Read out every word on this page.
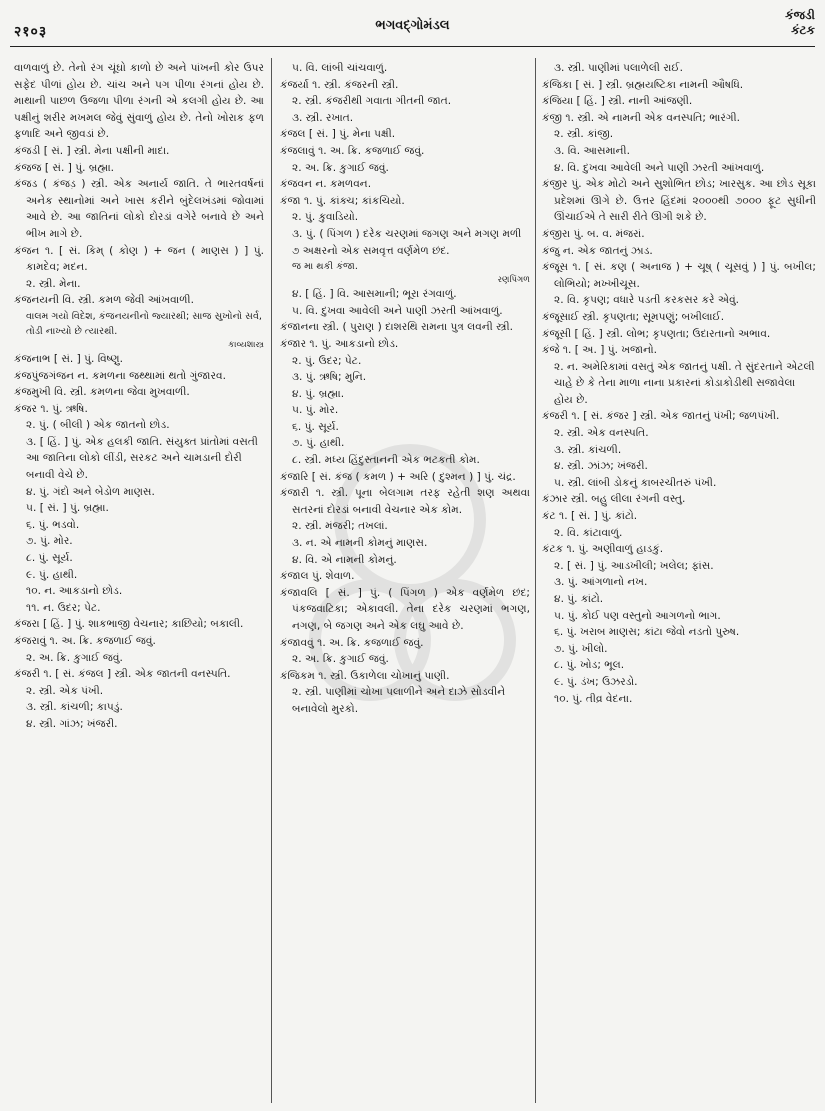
२१०३	ભગવદ્ગોમંડલ
કંજડી
કંટક

વાળવાળું છે. તેનો રંગ ચૂંઘો કાળો છે અને પાંખની કોર ઉપર સફેદ પીળાં હોય છે. ચાંચ અને પગ પીળા રંગનાં હોય છે. માથાની પાછળ ઉજળા પીળા રંગની એ કલગી હોય છે. આ પક્ષીનું શરીર મખમલ જેવું સુંવાળું હોય છે. તેનો ખોરાક ફળ ફળાદિ અને જીવડાં છે.

કંજડી [ સં. ] સ્ત્રી. મેના પક્ષીની માદા.

કંજજ [ સં. ] પું. બ્રહ્મા.

કંજડ ( કંજડ઼ ) સ્ત્રી. એક અનાર્ય જાતિ. તે ભારતવર્ષનાં અનેક સ્થાનોમાં અને ખાસ કરીને બુંદેલખંડમાં જોવામાં આવે છે. આ જાતિનાં લોકો દોરડાં વગેરે બનાવે છે અને ભીખ માગે છે.

કંજન ૧. [ સં. કિમ્ ( કોણ ) + જન ( માણસ ) ] પું. કામદેવ; મદન.

૨. સ્ત્રી. મેના.

કંજનયની વિ. સ્ત્રી. કમળ જેવી આંખવાળી.

વાલમ ગયો વિદેશ, કંજનયનીનો જ્યારથી; સાજ સુખોનો સર્વ, તોડી નાખ્યો છે ત્યારથી.

કાવ્યશાસ્ત્ર

કંજનાભ [ સં. ] પું. વિષ્ણુ.

કંજપુંજગંજન ન. કમળના જથ્થામાં થતો ગુંજારવ.

કંજમુખી વિ. સ્ત્રી. કમળના જેવા મુખવાળી.

કંજર ૧. પું. ઋષિ.

૨. પું. ( બીલી ) એક જાતનો છોડ.

૩. [ હિં. ] પું. એક હલકી જાતિ. સંયુક્ત પ્રાંતોમાં વસતી આ જાતિના લોકો લીંડી, સરકટ અને ચામડાની દોરી બનાવી વેચે છે.

૪. પું. ગંદો અને બેડોળ માણસ.

૫. [ સં. ] પું. બ્રહ્મા.

૬. પું. ભડવો.

૭. પું. મોર.

૮. પું. સૂર્ય.

૯. પું. હાથી.

૧૦. ન. આકડાનો છોડ.

૧૧. ન. ઉદર; પેટ.

કંજરા [ હિં. ] પું. શાકભાજી વેચનાર; કાછિયો; બકાલી.

કંજરાવું ૧. અ. ક્રિ. કજળાઈ જવું.

૨. અ. ક્રિ. કુગાઈ જવું.

કંજરી ૧. [ સં. કંજલ ] સ્ત્રી. એક જાતની વનસ્પતિ.

૨. સ્ત્રી. એક પંખી.

૩. સ્ત્રી. કાંચળી; કાપડું.

૪. સ્ત્રી. ગાંઝ; ખંજરી.

૫. વિ. લાંબી ચાંચવાળું.

કંજર્યા ૧. સ્ત્રી. કંજરની સ્ત્રી.

૨. સ્ત્રી. કંજરીથી ગવાતા ગીતની જાત.

૩. સ્ત્રી. રખાત.

કંજલ [ સં. ] પું. મેના પક્ષી.

કંજલાવું ૧. અ. ક્રિ. કજળાઈ જવું.

૨. અ. ક્રિ. કુગાઈ જવું.

કંજવન ન. કમળવન.

કંજા ૧. પું. કાંક્ચ; કાંકચિયો.

૨. પું. કુવાડિયો.

૩. પું. ( પિંગળ ) દરેક ચરણમાં જગણ અને મગણ મળી ૭ અક્ષરનો એક સમવૃત્ત વર્ણમેળ છંદ.

જ મા થકી કંજા.

રણપિંગળ

૪. [ હિં. ] વિ. આસમાની; ભૂરા રંગવાળું.

૫. વિ. દુખવા આવેલી અને પાણી ઝરતી આંખવાળું.

કંજાનના સ્ત્રી. ( પુરાણ ) દાશરથિ રામના પુત્ર લવની સ્ત્રી.

કંજાર ૧. પું. આકડાનો છોડ.

૨. પું. ઉદર; પેટ.

૩. પું. ઋષિ; મુનિ.

૪. પું. બ્રહ્મા.

૫. પું. મોર.

૬. પું. સૂર્ય.

૭. પું. હાથી.

૮. સ્ત્રી. મધ્ય હિંદુસ્તાનની એક ભટકતી કોમ.

કંજારિ [ સં. કંજ ( કમળ ) + અરિ ( દુશ્મન ) ] પું. ચંદ્ર.

કંજારી ૧. સ્ત્રી. પૂના બેલગામ તરફ રહેતી શણ અથવા સતરનાં દોરડાં બનાવી વેચનાર એક કોમ.

૨. સ્ત્રી. મંજરી; તખલાં.

૩. ન. એ નામની કોમનું માણસ.

૪. વિ. એ નામની કોમનું.

કંજાલ પું. શેવાળ.

કંજાવલિ [ સં. ] પું. ( પિંગળ ) એક વર્ણમેળ છંદ; પંકજવાટિકા; એકાવલી. તેના દરેક ચરણમાં ભગણ, નગણ, બે જગણ અને એક લઘુ આવે છે.

કંજાવવું ૧. અ. ક્રિ. કજળાઈ જવું.

૨. અ. ક્રિ. કુગાઈ જવું.

કંજિકમ ૧. સ્ત્રી. ઉકાળેલા ચોખાનું પાણી.

૨. સ્ત્રી. પાણીમાં ચોખા પલાળીને અને દાઝે સોડવીને બનાવેલો મુરકો.

૩. સ્ત્રી. પાણીમાં પલાળેલી રાઈ.

કંજિકા [ સં. ] સ્ત્રી. બ્રહ્મયષ્ટિકા નામની ઔષધિ.

કંજિયા [ હિં. ] સ્ત્રી. નાની આંજણી.

કંજી ૧. સ્ત્રી. એ નામની એક વનસ્પતિ; ભારંગી.

૨. સ્ત્રી. કાંજી.

૩. વિ. આસમાની.

૪. વિ. દુખવા આવેલી અને પાણી ઝરતી આંખવાળું.

કંજીર પું. એક મોટો અને સુશોભિત છોડ; ખારસુક. આ છોડ સૂકા પ્રદેશમાં ઊગે છે. ઉત્તર હિંદમાં ૨૦૦૦થી ૭૦૦૦ ફૂટ સુધીની ઊંચાઈએ તે સારી રીતે ઊગી શકે છે.

કંજીરા પું. બ. વ. મંજરાં.

કંજુ ન. એક જાતનું ઝાડ.

કંજૂસ ૧. [ સં. કણ ( અનાજ ) + ચૂષ્ ( ચૂસવું ) ] પું. બખીલ; લોભિયો; મખ્ખીચૂસ.

૨. વિ. કૃપણ; વધારે પડતી કરકસર કરે એવું.

કંજૂસાઈ સ્ત્રી. કૃપણતા; સૂમપણું; બખીલાઈ.

કંજૂસી [ હિં. ] સ્ત્રી. લોભ; કૃપણતા; ઉદારતાનો અભાવ.

કંજે ૧. [ અ. ] પું. ખજાનો.

૨. ન. અમેરિકામાં વસતું એક જાતનું પક્ષી. તે સુંદરતાને એટલી ચાહે છે કે તેના માળા નાના પ્રકારનાં કોડાકોડીથી સજાવેલા હોય છે.

કંજરી ૧. [ સં. કંજર ] સ્ત્રી. એક જાતનું પંખી; જળપંખી.

૨. સ્ત્રી. એક વનસ્પતિ.

૩. સ્ત્રી. કાંચળી.

૪. સ્ત્રી. ઝાંઝ; ખંજરી.

૫. સ્ત્રી. લાંબી ડોકનું કાબરચીતરું પંખી.

કંઝાર સ્ત્રી. બહુ લીલા રંગની વસ્તુ.

કંટ ૧. [ સં. ] પું. કાંટો.

૨. વિ. કાંટાવાળું.

કંટક ૧. પું. અણીવાળું હાડકું.

૨. [ સં. ] પું. આડખીલી; ખલેલ; ફાંસ.

૩. પું. આંગળાનો નખ.

૪. પું. કાંટો.

૫. પું. કોઈ પણ વસ્તુનો આગળનો ભાગ.

૬. પું. ખરાબ માણસ; કાંટા જેવો નડતો પુરુષ.

૭. પું. ખીલો.

૮. પું. ખોડ; ભૂલ.

૯. પું. ડંખ; ઉઝરડો.

૧૦. પું. તીવ્ર વેદના.
